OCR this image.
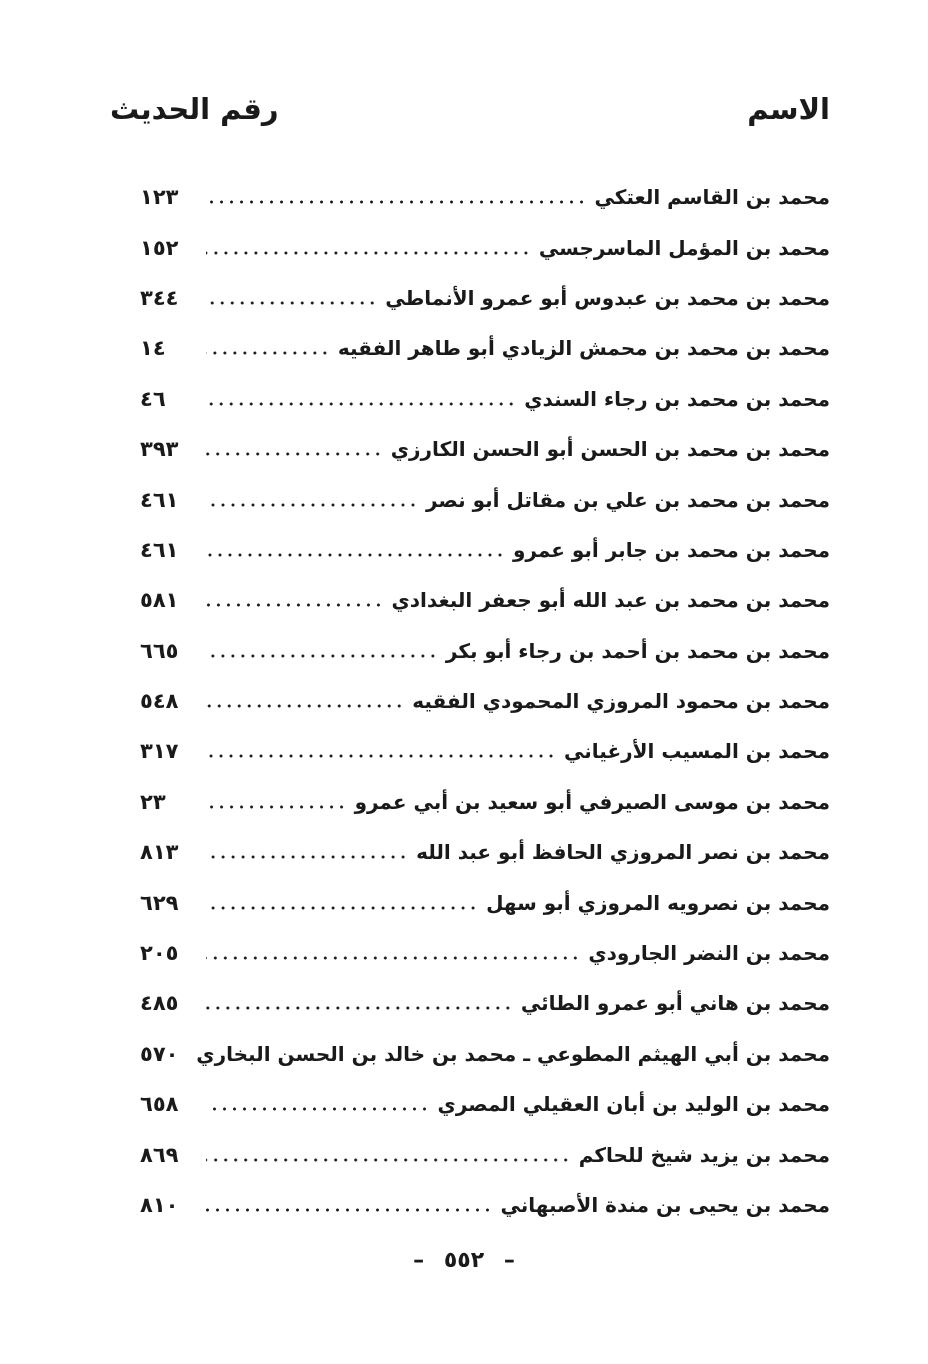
الاسم
رقم الحديث
محمد بن القاسم العتكي
١٢٣
محمد بن المؤمل الماسرجسي
١٥٢
محمد بن محمد بن عبدوس أبو عمرو الأنماطي
٣٤٤
محمد بن محمد بن محمش الزيادي أبو طاهر الفقيه
١٤
محمد بن محمد بن رجاء السندي
٤٦
محمد بن محمد بن الحسن أبو الحسن الكارزي
٣٩٣
محمد بن محمد بن علي بن مقاتل أبو نصر
٤٦١
محمد بن محمد بن جابر أبو عمرو
٤٦١
محمد بن محمد بن عبد الله أبو جعفر البغدادي
٥٨١
محمد بن محمد بن أحمد بن رجاء أبو بكر
٦٦٥
محمد بن محمود المروزي المحمودي الفقيه
٥٤٨
محمد بن المسيب الأرغياني
٣١٧
محمد بن موسى الصيرفي أبو سعيد بن أبي عمرو
٢٣
محمد بن نصر المروزي الحافظ أبو عبد الله
٨١٣
محمد بن نصرويه المروزي أبو سهل
٦٢٩
محمد بن النضر الجارودي
٢٠٥
محمد بن هاني أبو عمرو الطائي
٤٨٥
محمد بن أبي الهيثم المطوعي ـ محمد بن خالد بن الحسن البخاري
٥٧٠
محمد بن الوليد بن أبان العقيلي المصري
٦٥٨
محمد بن يزيد شيخ للحاكم
٨٦٩
محمد بن يحيى بن مندة الأصبهاني
٨١٠
– ٥٥٢ –
